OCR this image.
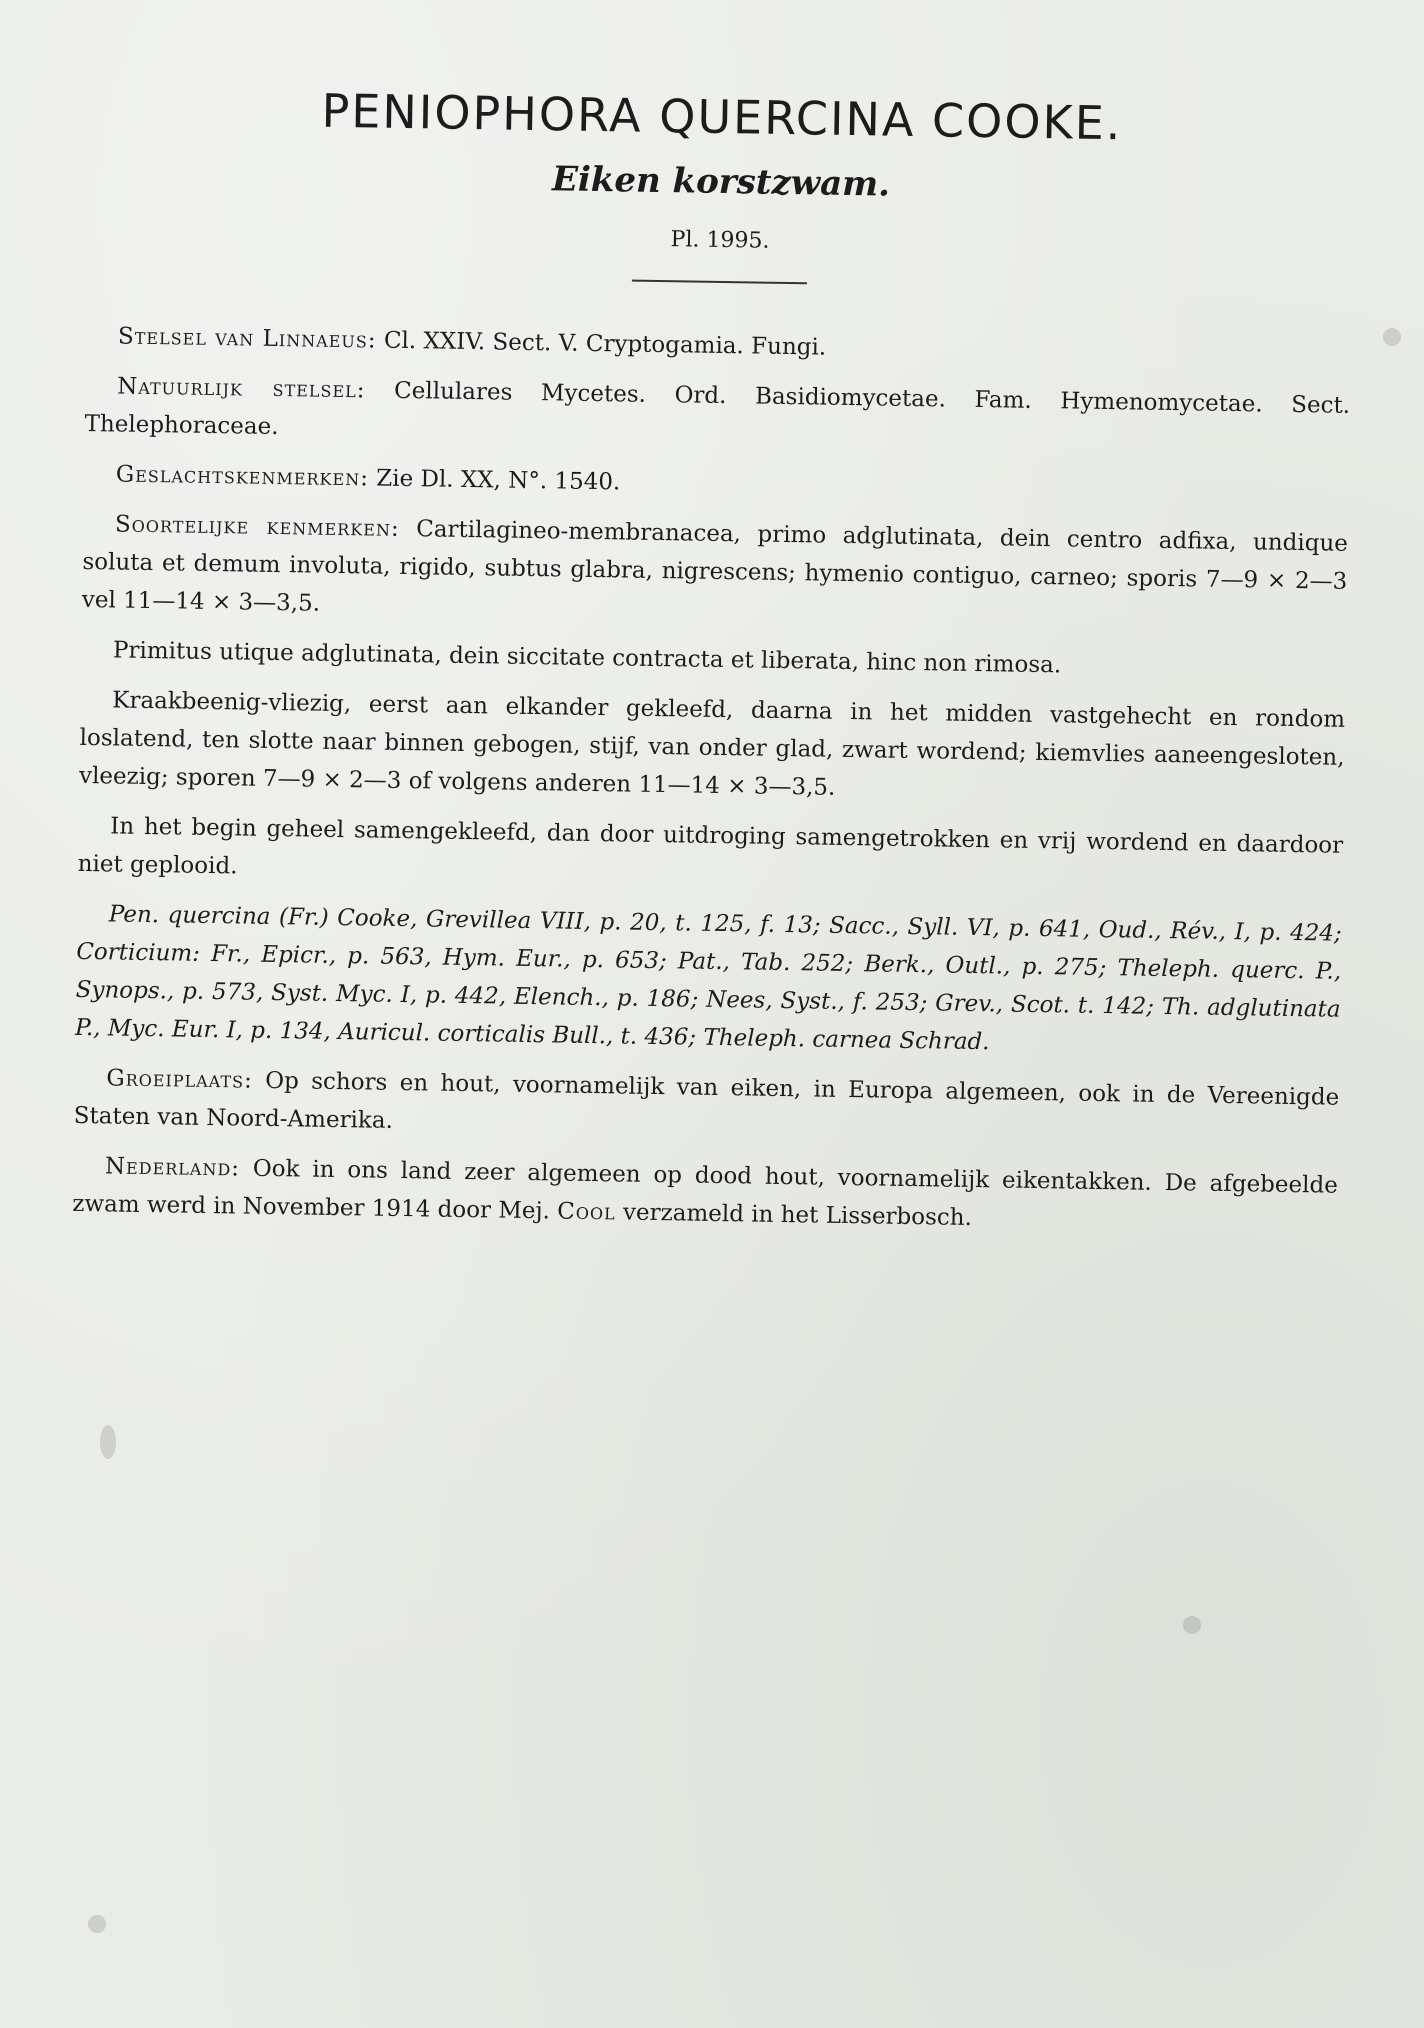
PENIOPHORA QUERCINA COOKE.
Eiken korstzwam.
Pl. 1995.

Stelsel van Linnaeus: Cl. XXIV. Sect. V. Cryptogamia. Fungi.

Natuurlijk stelsel: Cellulares Mycetes. Ord. Basidiomycetae. Fam. Hymenomycetae. Sect. Thelephoraceae.

Geslachtskenmerken: Zie Dl. XX, N°. 1540.

Soortelijke kenmerken: Cartilagineo-membranacea, primo adglutinata, dein centro adfixa, undique soluta et demum involuta, rigido, subtus glabra, nigrescens; hymenio contiguo, carneo; sporis 7—9 × 2—3 vel 11—14 × 3—3,5.

Primitus utique adglutinata, dein siccitate contracta et liberata, hinc non rimosa.

Kraakbeenig-vliezig, eerst aan elkander gekleefd, daarna in het midden vastgehecht en rondom loslatend, ten slotte naar binnen gebogen, stijf, van onder glad, zwart wordend; kiemvlies aaneengesloten, vleezig; sporen 7—9 × 2—3 of volgens anderen 11—14 × 3—3,5.

In het begin geheel samengekleefd, dan door uitdroging samengetrokken en vrij wordend en daardoor niet geplooid.

Pen. quercina (Fr.) Cooke, Grevillea VIII, p. 20, t. 125, f. 13; Sacc., Syll. VI, p. 641, Oud., Rév., I, p. 424; Corticium: Fr., Epicr., p. 563, Hym. Eur., p. 653; Pat., Tab. 252; Berk., Outl., p. 275; Theleph. querc. P., Synops., p. 573, Syst. Myc. I, p. 442, Elench., p. 186; Nees, Syst., f. 253; Grev., Scot. t. 142; Th. adglutinata P., Myc. Eur. I, p. 134, Auricul. corticalis Bull., t. 436; Theleph. carnea Schrad.

Groeiplaats: Op schors en hout, voornamelijk van eiken, in Europa algemeen, ook in de Vereenigde Staten van Noord-Amerika.

Nederland: Ook in ons land zeer algemeen op dood hout, voornamelijk eikentakken. De afgebeelde zwam werd in November 1914 door Mej. Cool verzameld in het Lisserbosch.
